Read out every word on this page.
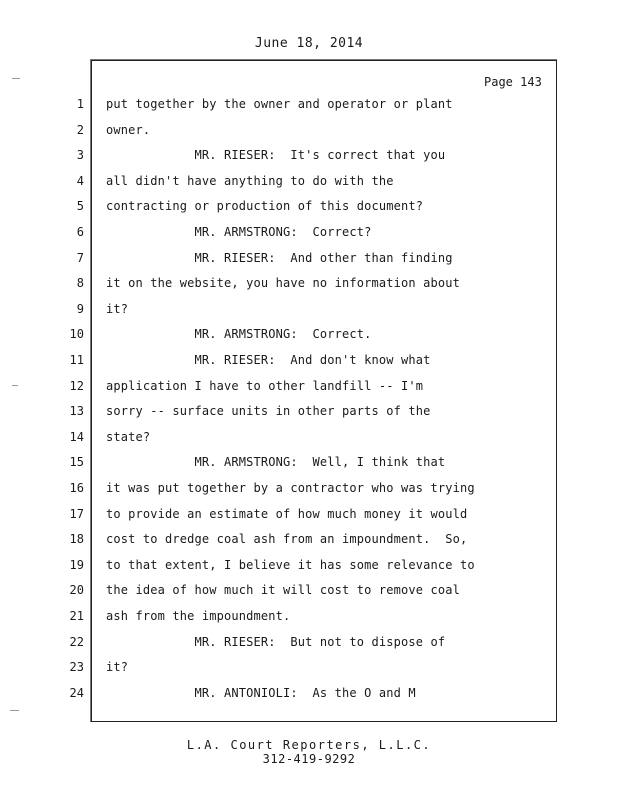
June 18, 2014
Page 143
1 put together by the owner and operator or plant
2 owner.
3 MR. RIESER:  It's correct that you
4 all didn't have anything to do with the
5 contracting or production of this document?
6 MR. ARMSTRONG:  Correct?
7 MR. RIESER:  And other than finding
8 it on the website, you have no information about
9 it?
10 MR. ARMSTRONG:  Correct.
11 MR. RIESER:  And don't know what
12 application I have to other landfill -- I'm
13 sorry -- surface units in other parts of the
14 state?
15 MR. ARMSTRONG:  Well, I think that
16 it was put together by a contractor who was trying
17 to provide an estimate of how much money it would
18 cost to dredge coal ash from an impoundment.  So,
19 to that extent, I believe it has some relevance to
20 the idea of how much it will cost to remove coal
21 ash from the impoundment.
22 MR. RIESER:  But not to dispose of
23 it?
24 MR. ANTONIOLI:  As the O and M
L.A. Court Reporters, L.L.C.
312-419-9292
